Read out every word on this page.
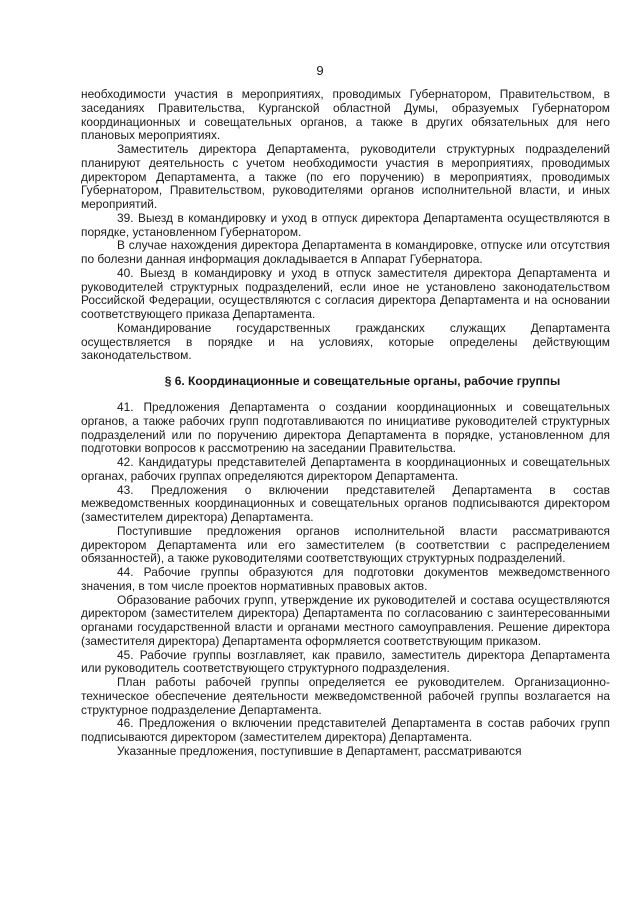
9

необходимости участия в мероприятиях, проводимых Губернатором, Правительством, в заседаниях Правительства, Курганской областной Думы, образуемых Губернатором координационных и совещательных органов, а также в других обязательных для него плановых мероприятиях.

Заместитель директора Департамента, руководители структурных подразделений планируют деятельность с учетом необходимости участия в мероприятиях, проводимых директором Департамента, а также (по его поручению) в мероприятиях, проводимых Губернатором, Правительством, руководителями органов исполнительной власти, и иных мероприятий.

39. Выезд в командировку и уход в отпуск директора Департамента осуществляются в порядке, установленном Губернатором.

В случае нахождения директора Департамента в командировке, отпуске или отсутствия по болезни данная информация докладывается в Аппарат Губернатора.

40. Выезд в командировку и уход в отпуск заместителя директора Департамента и руководителей структурных подразделений, если иное не установлено законодательством Российской Федерации, осуществляются с согласия директора Департамента и на основании соответствующего приказа Департамента.

Командирование государственных гражданских служащих Департамента осуществляется в порядке и на условиях, которые определены действующим законодательством.

§ 6. Координационные и совещательные органы, рабочие группы

41. Предложения Департамента о создании координационных и совещательных органов, а также рабочих групп подготавливаются по инициативе руководителей структурных подразделений или по поручению директора Департамента в порядке, установленном для подготовки вопросов к рассмотрению на заседании Правительства.

42. Кандидатуры представителей Департамента в координационных и совещательных органах, рабочих группах определяются директором Департамента.

43. Предложения о включении представителей Департамента в состав межведомственных координационных и совещательных органов подписываются директором (заместителем директора) Департамента.

Поступившие предложения органов исполнительной власти рассматриваются директором Департамента или его заместителем (в соответствии с распределением обязанностей), а также руководителями соответствующих структурных подразделений.

44. Рабочие группы образуются для подготовки документов межведомственного значения, в том числе проектов нормативных правовых актов.

Образование рабочих групп, утверждение их руководителей и состава осуществляются директором (заместителем директора) Департамента по согласованию с заинтересованными органами государственной власти и органами местного самоуправления. Решение директора (заместителя директора) Департамента оформляется соответствующим приказом.

45. Рабочие группы возглавляет, как правило, заместитель директора Департамента или руководитель соответствующего структурного подразделения.

План работы рабочей группы определяется ее руководителем. Организационно-техническое обеспечение деятельности межведомственной рабочей группы возлагается на структурное подразделение Департамента.

46. Предложения о включении представителей Департамента в состав рабочих групп подписываются директором (заместителем директора) Департамента.

Указанные предложения, поступившие в Департамент, рассматриваются
